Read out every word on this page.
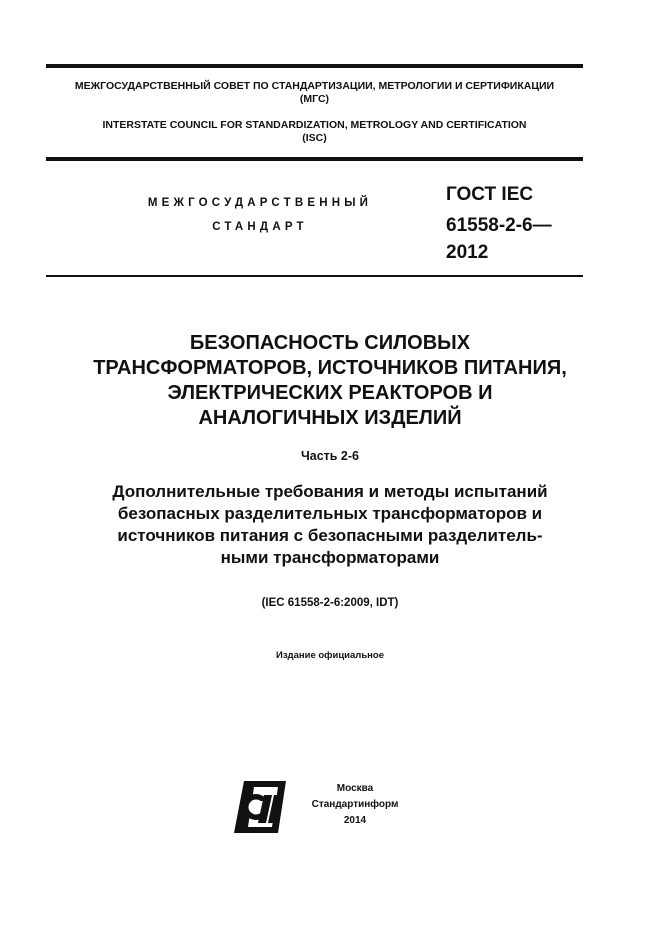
МЕЖГОСУДАРСТВЕННЫЙ СОВЕТ ПО СТАНДАРТИЗАЦИИ, МЕТРОЛОГИИ И СЕРТИФИКАЦИИ
(МГС)
INTERSTATE COUNCIL FOR STANDARDIZATION, METROLOGY AND CERTIFICATION
(ISC)
МЕЖГОСУДАРСТВЕННЫЙ
СТАНДАРТ
ГОСТ IEC
61558-2-6—
2012
БЕЗОПАСНОСТЬ СИЛОВЫХ
ТРАНСФОРМАТОРОВ, ИСТОЧНИКОВ ПИТАНИЯ,
ЭЛЕКТРИЧЕСКИХ РЕАКТОРОВ И
АНАЛОГИЧНЫХ ИЗДЕЛИЙ
Часть 2-6
Дополнительные требования и методы испытаний
безопасных разделительных трансформаторов и
источников питания с безопасными разделитель-
ными трансформаторами
(IEC 61558-2-6:2009, IDT)
Издание официальное
Москва
Стандартинформ
2014
